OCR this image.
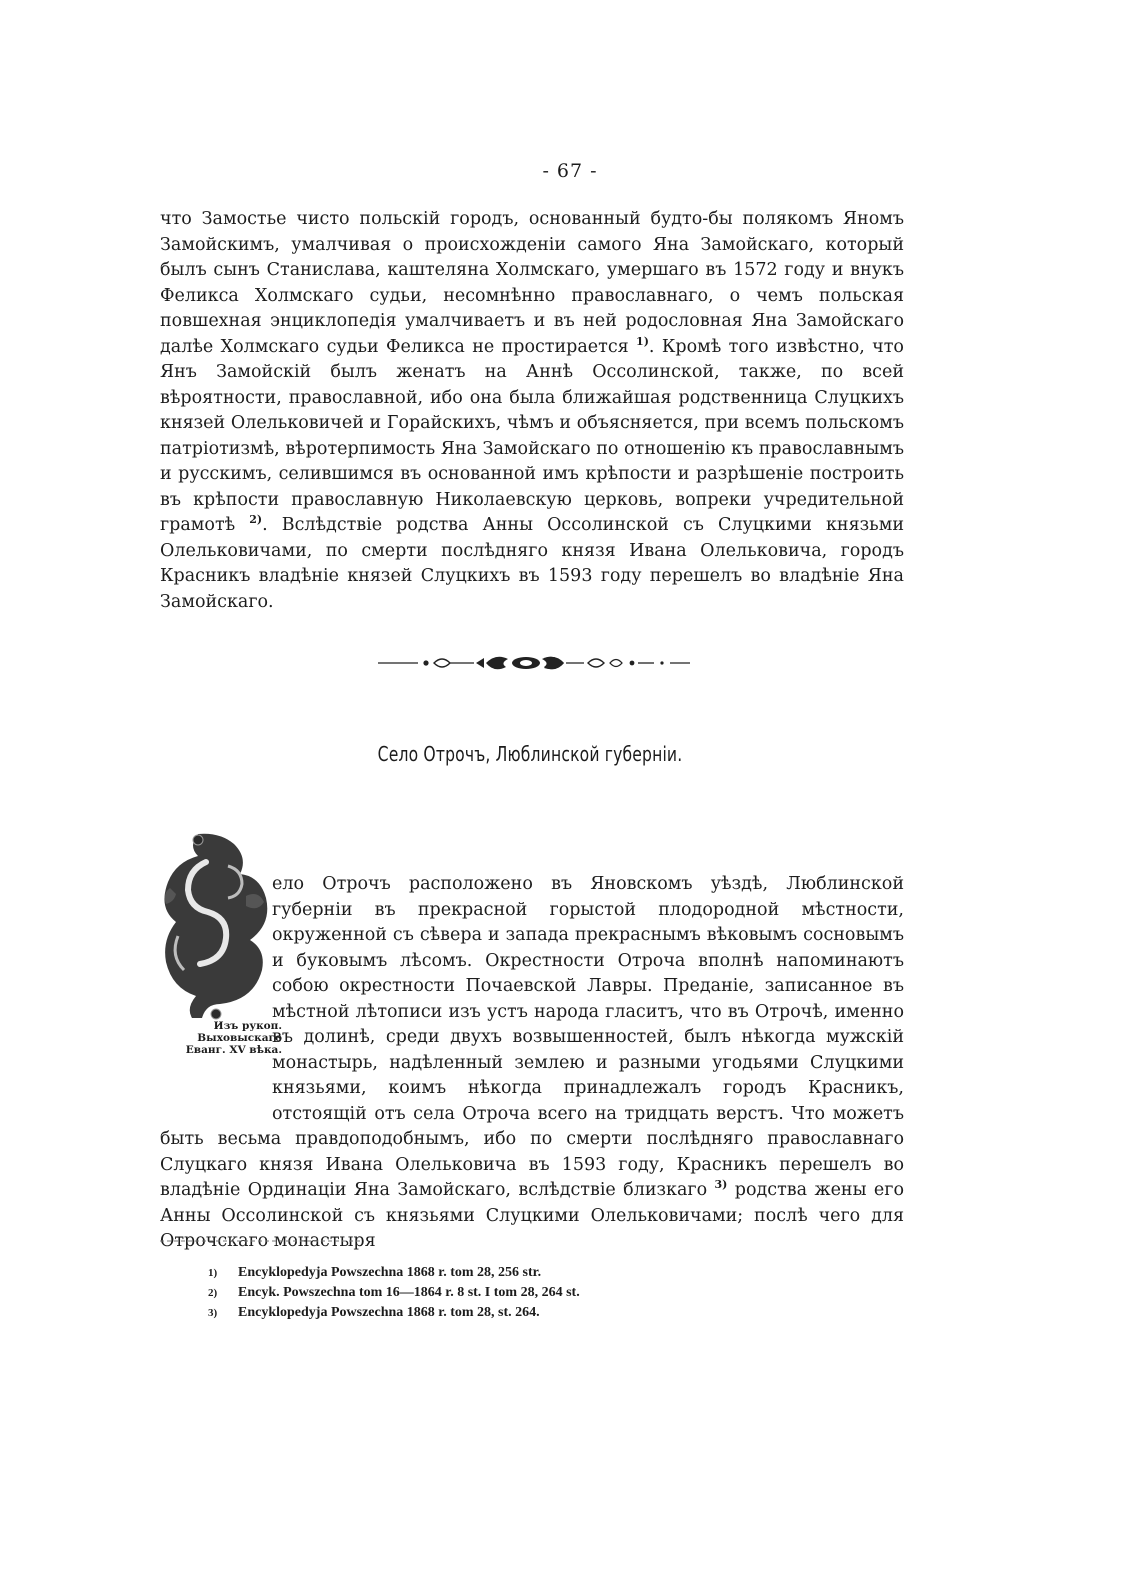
- 67 -

что Замостье чисто польскій городъ, основанный будто-бы полякомъ Яномъ Замойскимъ, умалчивая о происхожденіи самого Яна Замойскаго, который былъ сынъ Станислава, каштеляна Холмскаго, умершаго въ 1572 году и внукъ Феликса Холмскаго судьи, несомнѣнно православнаго, о чемъ польская повшехная энциклопедія умалчиваетъ и въ ней родословная Яна Замойскаго далѣе Холмскаго судьи Феликса не простирается $^{1)}$. Кромѣ того извѣстно, что Янъ Замойскій былъ женатъ на Аннѣ Оссолинской, также, по всей вѣроятности, православной, ибо она была ближайшая родственница Слуцкихъ князей Олельковичей и Горайскихъ, чѣмъ и объясняется, при всемъ польскомъ патріотизмѣ, вѣротерпимость Яна Замойскаго по отношенію къ православнымъ и русскимъ, селившимся въ основанной имъ крѣпости и разрѣшеніе построить въ крѣпости православную Николаевскую церковь, вопреки учредительной грамотѣ $^{2)}$. Вслѣдствіе родства Анны Оссолинской съ Слуцкими князьми Олельковичами, по смерти послѣдняго князя Ивана Олельковича, городъ Красникъ владѣніе князей Слуцкихъ въ 1593 году перешелъ во владѣніе Яна Замойскаго.

Село Отрочъ, Люблинской губерніи.
Изъ рукоп. Выховыскаго Еванг. XV вѣка.
ело Отрочъ расположено въ Яновскомъ уѣздѣ, Люблинской губерніи въ прекрасной горыстой плодородной мѣстности, окруженной съ сѣвера и запада прекраснымъ вѣковымъ сосновымъ и буковымъ лѣсомъ. Окрестности Отроча вполнѣ напоминаютъ собою окрестности Почаевской Лавры. Преданіе, записанное въ мѣстной лѣтописи изъ устъ народа гласитъ, что въ Отрочѣ, именно въ долинѣ, среди двухъ возвышенностей, былъ нѣкогда мужскій монастырь, надѣленный землею и разными угодьями Слуцкими князьями, коимъ нѣкогда принадлежалъ городъ Красникъ, отстоящій отъ села Отроча всего на тридцать верстъ. Что можетъ быть весьма правдоподобнымъ, ибо по смерти послѣдняго православнаго Слуцкаго князя Ивана Олельковича въ 1593 году, Красникъ перешелъ во владѣніе Ординаціи Яна Замойскаго, вслѣдствіе близкаго $^{3)}$ родства жены его Анны Оссолинской съ князьями Слуцкими Олельковичами; послѣ чего для Отрочскаго монастыря
1)	Encyklopedyja Powszechna 1868 r. tom 28, 256 str.
2)	Encyk. Powszechna tom 16—1864 r. 8 st. I tom 28, 264 st.
3)	Encyklopedyja Powszechna 1868 r. tom 28, st. 264.
